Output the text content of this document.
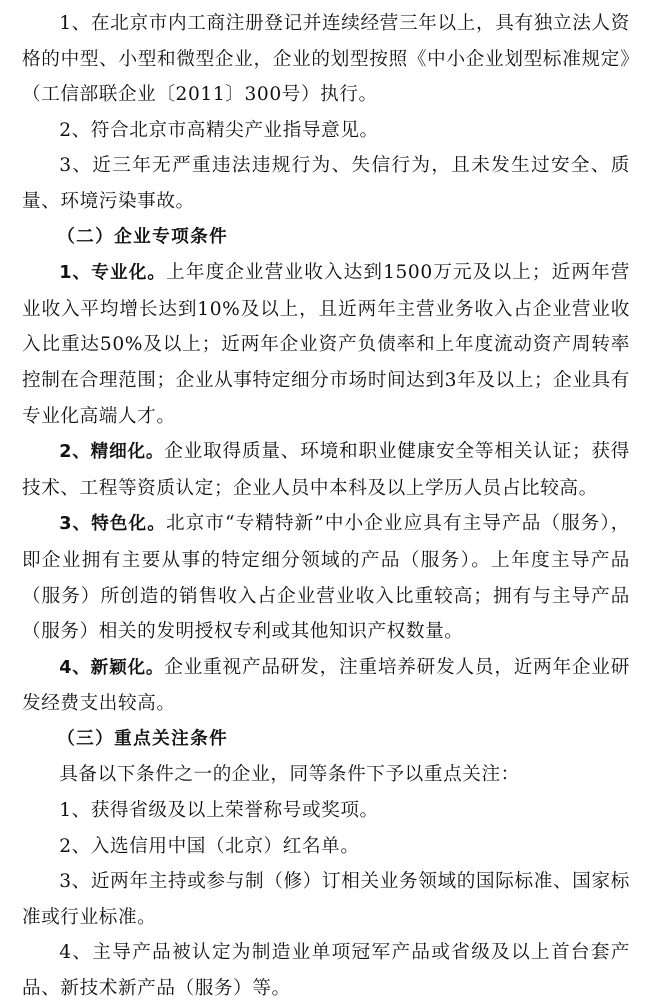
1、在北京市内工商注册登记并连续经营三年以上，具有独立法人资格的中型、小型和微型企业，企业的划型按照《中小企业划型标准规定》（工信部联企业〔2011〕300号）执行。

2、符合北京市高精尖产业指导意见。

3、近三年无严重违法违规行为、失信行为，且未发生过安全、质量、环境污染事故。

（二）企业专项条件

1、专业化。上年度企业营业收入达到1500万元及以上；近两年营业收入平均增长达到10%及以上，且近两年主营业务收入占企业营业收入比重达50%及以上；近两年企业资产负债率和上年度流动资产周转率控制在合理范围；企业从事特定细分市场时间达到3年及以上；企业具有专业化高端人才。

2、精细化。企业取得质量、环境和职业健康安全等相关认证；获得技术、工程等资质认定；企业人员中本科及以上学历人员占比较高。

3、特色化。北京市“专精特新”中小企业应具有主导产品（服务），即企业拥有主要从事的特定细分领域的产品（服务）。上年度主导产品（服务）所创造的销售收入占企业营业收入比重较高；拥有与主导产品（服务）相关的发明授权专利或其他知识产权数量。

4、新颖化。企业重视产品研发，注重培养研发人员，近两年企业研发经费支出较高。

（三）重点关注条件

具备以下条件之一的企业，同等条件下予以重点关注：

1、获得省级及以上荣誉称号或奖项。

2、入选信用中国（北京）红名单。

3、近两年主持或参与制（修）订相关业务领域的国际标准、国家标准或行业标准。

4、主导产品被认定为制造业单项冠军产品或省级及以上首台套产品、新技术新产品（服务）等。
